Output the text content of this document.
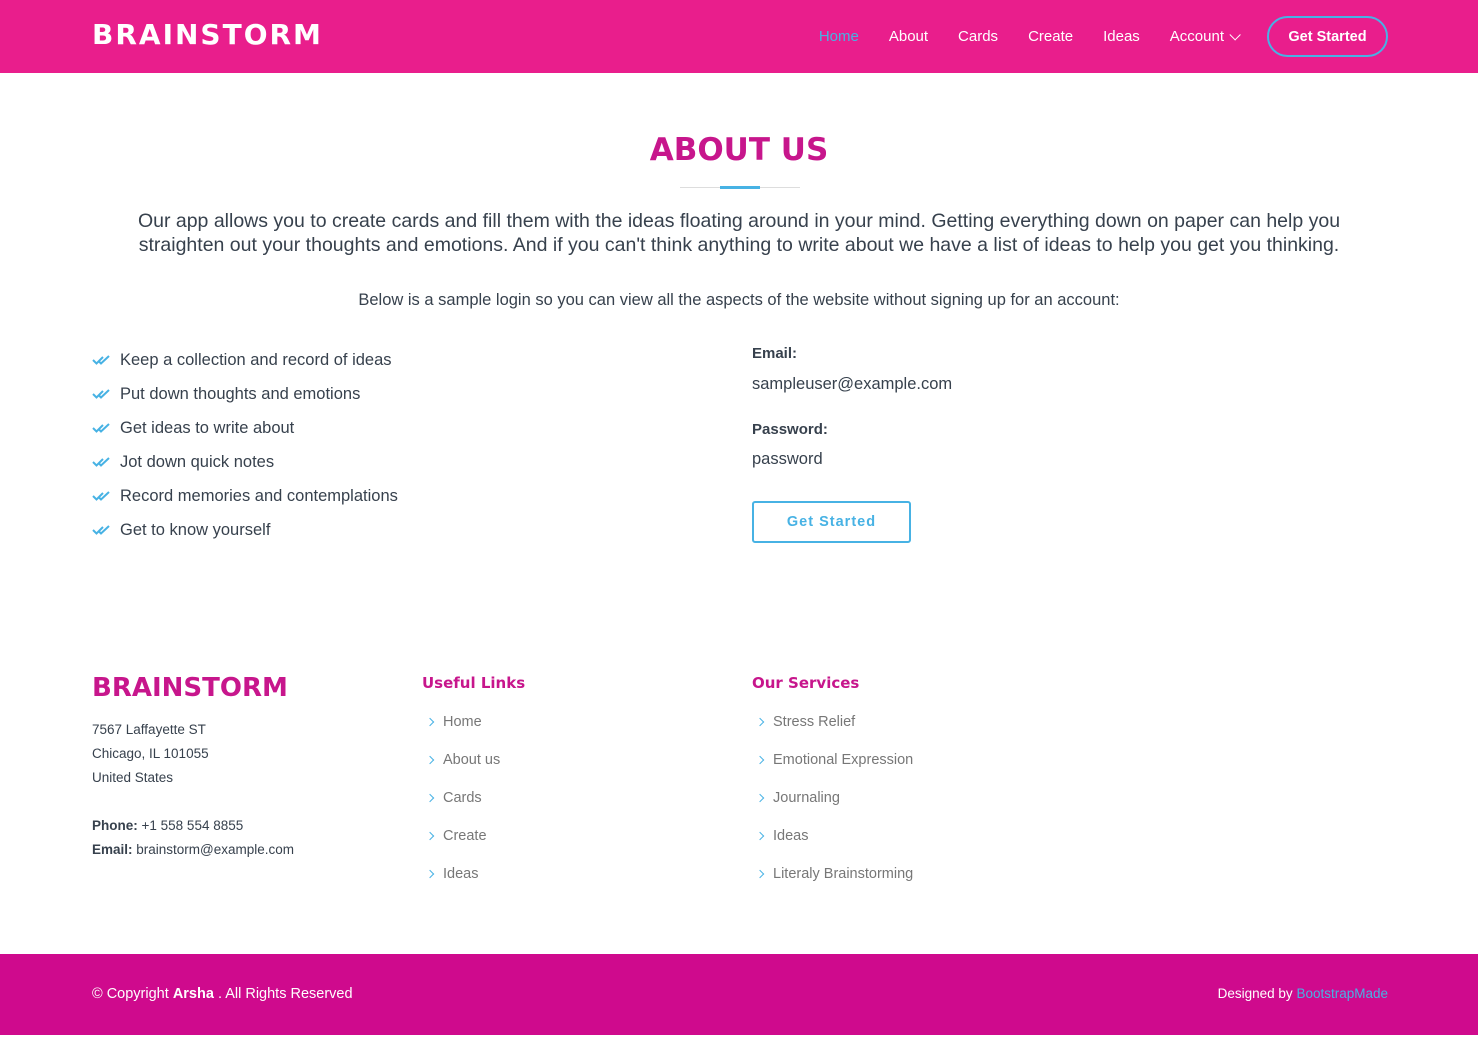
BRAINSTORM	Home About Cards Create Ideas Account	Get Started
ABOUT US

Our app allows you to create cards and fill them with the ideas floating around in your mind. Getting everything down on paper can help you straighten out your thoughts and emotions. And if you can't think anything to write about we have a list of ideas to help you get you thinking.

Below is a sample login so you can view all the aspects of the website without signing up for an account:

Keep a collection and record of ideas
Put down thoughts and emotions
Get ideas to write about
Jot down quick notes
Record memories and contemplations
Get to know yourself
Email:
sampleuser@example.com
Password:
password
Get Started
BRAINSTORM
7567 Laffayette ST
Chicago, IL 101055
United States
Phone: +1 558 554 8855
Email: brainstorm@example.com
Useful Links
Home
About us
Cards
Create
Ideas
Our Services
Stress Relief
Emotional Expression
Journaling
Ideas
Literaly Brainstorming
© Copyright Arsha . All Rights Reserved	Designed by BootstrapMade
